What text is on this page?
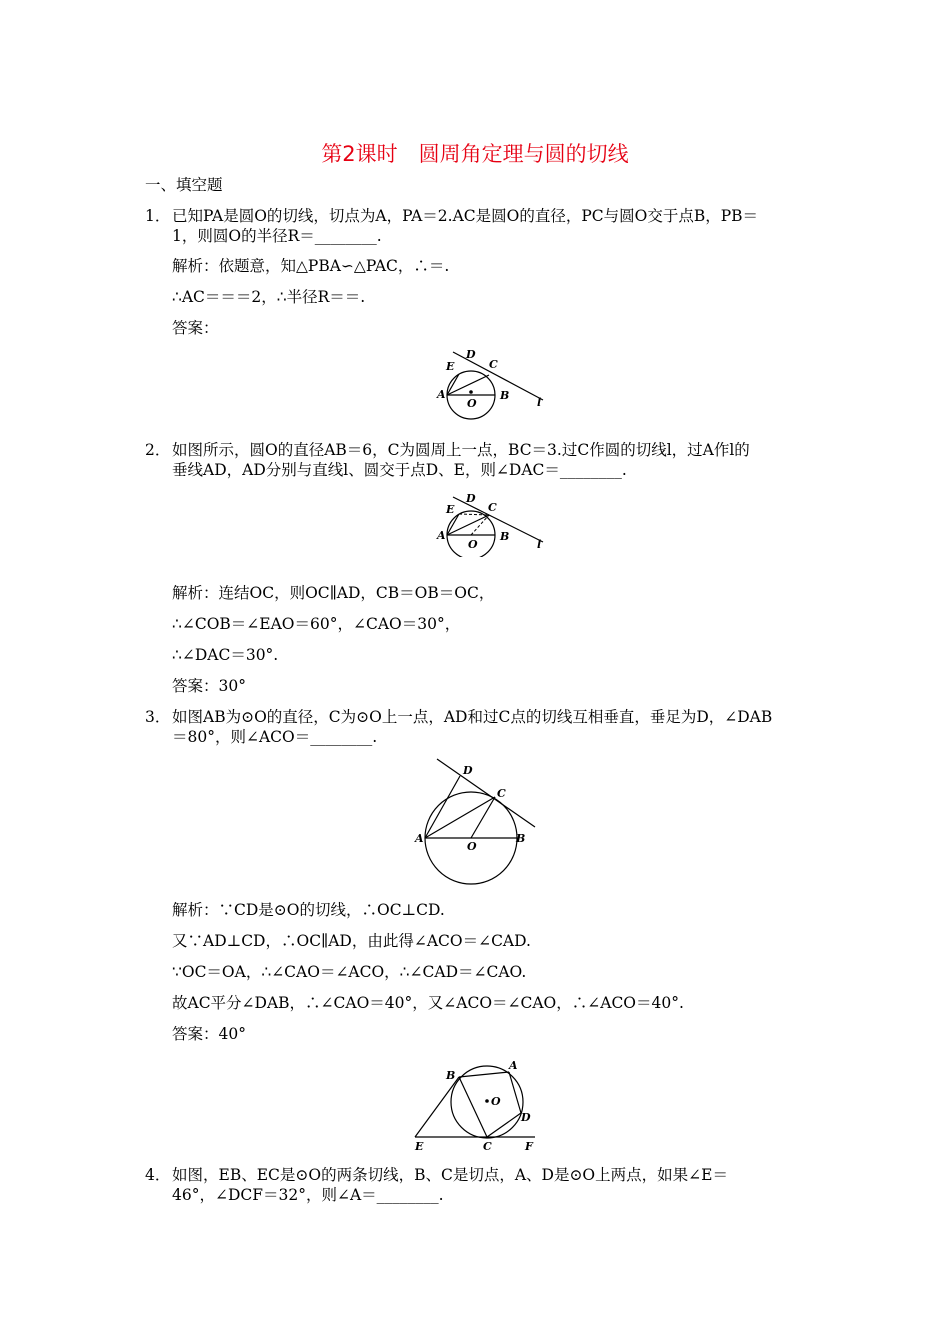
第2课时　圆周角定理与圆的切线
一、填空题
1． 已知PA是圆O的切线，切点为A，PA＝2.AC是圆O的直径，PC与圆O交于点B，PB＝
1，则圆O的半径R＝________.
解析：依题意，知△PBA∽△PAC，∴＝.
∴AC＝＝＝2，∴半径R＝＝.
答案：
D
E	C
A
O
B
l
2． 如图所示，圆O的直径AB＝6，C为圆周上一点，BC＝3.过C作圆的切线l，过A作l的
垂线AD，AD分别与直线l、圆交于点D、E，则∠DAC＝________.
D
E	C
A
O
B
l
解析：连结OC，则OC∥AD，CB＝OB＝OC，
∴∠COB＝∠EAO＝60°，∠CAO＝30°，
∴∠DAC＝30°.
答案：30°
3． 如图AB为⊙O的直径，C为⊙O上一点，AD和过C点的切线互相垂直，垂足为D，∠DAB
＝80°，则∠ACO＝________.
D
C
A
O
B
解析：∵CD是⊙O的切线，∴OC⊥CD.
又∵AD⊥CD，∴OC∥AD，由此得∠ACO＝∠CAD.
∵OC＝OA，∴∠CAO＝∠ACO，∴∠CAD＝∠CAO.
故AC平分∠DAB，∴∠CAO＝40°，又∠ACO＝∠CAO，∴∠ACO＝40°.
答案：40°
B
A
O
D
E	C	F
4． 如图，EB、EC是⊙O的两条切线，B、C是切点，A、D是⊙O上两点，如果∠E＝
46°，∠DCF＝32°，则∠A＝________.
